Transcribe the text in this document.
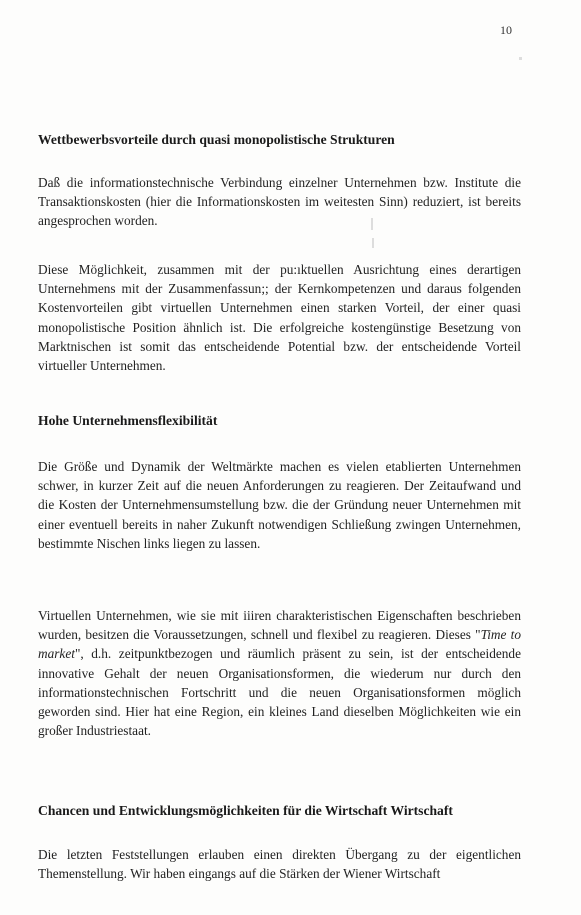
10
Wettbewerbsvorteile durch quasi monopolistische Strukturen
Daß die informationstechnische Verbindung einzelner Unternehmen bzw. Institute die Transaktionskosten (hier die Informationskosten im weitesten Sinn) reduziert, ist bereits angesprochen worden.
Diese Möglichkeit, zusammen mit der pu:ıktuellen Ausrichtung eines derartigen Unternehmens mit der Zusammenfassun;; der Kernkompetenzen und daraus folgenden Kostenvorteilen gibt virtuellen Unternehmen einen starken Vorteil, der einer quasi monopolistische Position ähnlich ist. Die erfolgreiche kostengünstige Besetzung von Marktnischen ist somit das entscheidende Potential bzw. der entscheidende Vorteil virtueller Unternehmen.
Hohe Unternehmensflexibilität
Die Größe und Dynamik der Weltmärkte machen es vielen etablierten Unternehmen schwer, in kurzer Zeit auf die neuen Anforderungen zu reagieren. Der Zeitaufwand und die Kosten der Unternehmensumstellung bzw. die der Gründung neuer Unternehmen mit einer eventuell bereits in naher Zukunft notwendigen Schließung zwingen Unternehmen, bestimmte Nischen links liegen zu lassen.
Virtuellen Unternehmen, wie sie mit iiiren charakteristischen Eigenschaften beschrieben wurden, besitzen die Voraussetzungen, schnell und flexibel zu reagieren. Dieses "Time to market", d.h. zeitpunktbezogen und räumlich präsent zu sein, ist der entscheidende innovative Gehalt der neuen Organisationsformen, die wiederum nur durch den informationstechnischen Fortschritt und die neuen Organisationsformen möglich geworden sind. Hier hat eine Region, ein kleines Land dieselben Möglichkeiten wie ein großer Industriestaat.
Chancen und Entwicklungsmöglichkeiten für die Wirtschaft Wirtschaft
Die letzten Feststellungen erlauben einen direkten Übergang zu der eigentlichen Themenstellung. Wir haben eingangs auf die Stärken der Wiener Wirtschaft
